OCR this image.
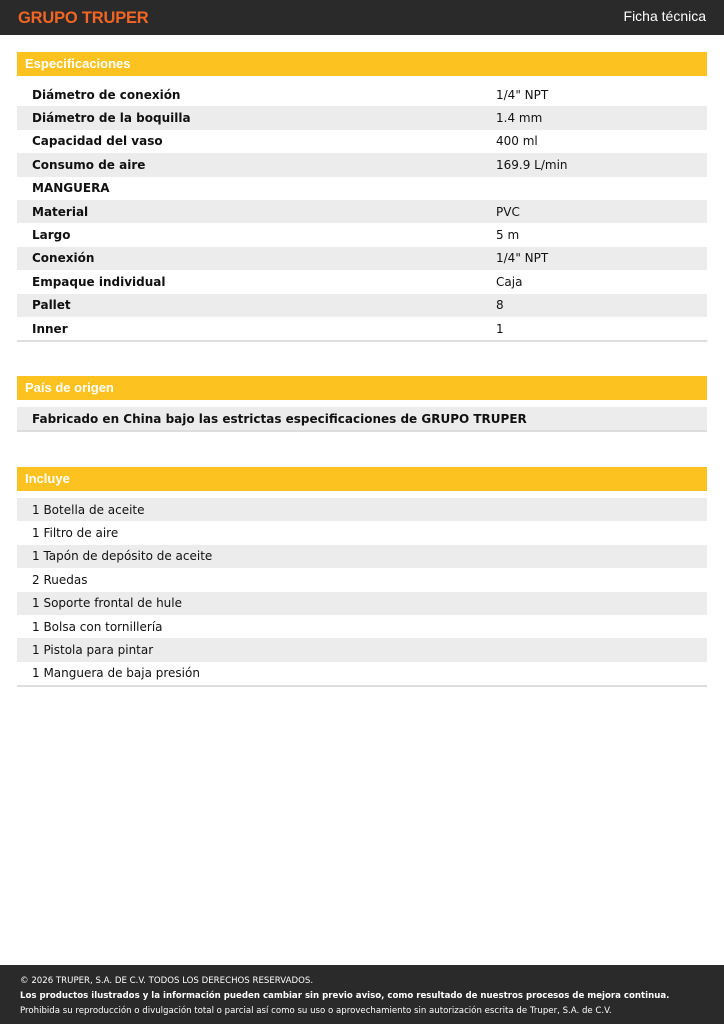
GRUPO TRUPER	Ficha técnica
Especificaciones
Diámetro de conexión	1/4" NPT
Diámetro de la boquilla	1.4 mm
Capacidad del vaso	400 ml
Consumo de aire	169.9 L/min
MANGUERA
Material	PVC
Largo	5 m
Conexión	1/4" NPT
Empaque individual	Caja
Pallet	8
Inner	1
País de origen
Fabricado en China bajo las estrictas especificaciones de GRUPO TRUPER
Incluye
1 Botella de aceite
1 Filtro de aire
1 Tapón de depósito de aceite
2 Ruedas
1 Soporte frontal de hule
1 Bolsa con tornillería
1 Pistola para pintar
1 Manguera de baja presión
© 2026 TRUPER, S.A. DE C.V. TODOS LOS DERECHOS RESERVADOS.
Los productos ilustrados y la información pueden cambiar sin previo aviso, como resultado de nuestros procesos de mejora continua.
Prohibida su reproducción o divulgación total o parcial así como su uso o aprovechamiento sin autorización escrita de Truper, S.A. de C.V.
